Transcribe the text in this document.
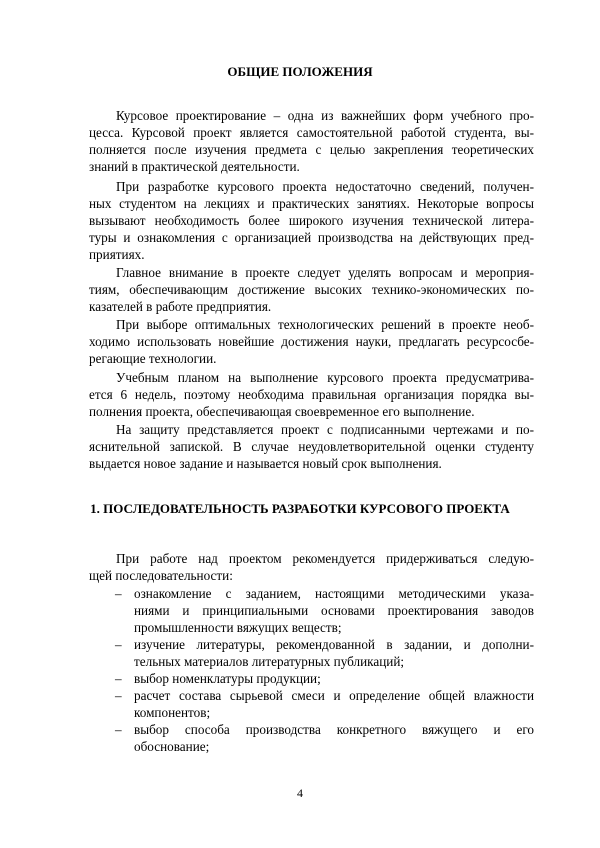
ОБЩИЕ ПОЛОЖЕНИЯ
Курсовое проектирование – одна из важнейших форм учебного про-
цесса. Курсовой проект является самостоятельной работой студента, вы-
полняется после изучения предмета с целью закрепления теоретических
знаний в практической деятельности.
При разработке курсового проекта недостаточно сведений, получен-
ных студентом на лекциях и практических занятиях. Некоторые вопросы
вызывают необходимость более широкого изучения технической литера-
туры и ознакомления с организацией производства на действующих пред-
приятиях.
Главное внимание в проекте следует уделять вопросам и мероприя-
тиям, обеспечивающим достижение высоких технико-экономических по-
казателей в работе предприятия.
При выборе оптимальных технологических решений в проекте необ-
ходимо использовать новейшие достижения науки, предлагать ресурсосбе-
регающие технологии.
Учебным планом на выполнение курсового проекта предусматрива-
ется 6 недель, поэтому необходима правильная организация порядка вы-
полнения проекта, обеспечивающая своевременное его выполнение.
На защиту представляется проект с подписанными чертежами и по-
яснительной запиской. В случае неудовлетворительной оценки студенту
выдается новое задание и называется новый срок выполнения.
1. ПОСЛЕДОВАТЕЛЬНОСТЬ РАЗРАБОТКИ КУРСОВОГО ПРОЕКТА
При работе над проектом рекомендуется придерживаться следую-
щей последовательности:
– ознакомление с заданием, настоящими методическими указа-
ниями и принципиальными основами проектирования заводов
промышленности вяжущих веществ;
– изучение литературы, рекомендованной в задании, и дополни-
тельных материалов литературных публикаций;
– выбор номенклатуры продукции;
– расчет состава сырьевой смеси и определение общей влажности
компонентов;
– выбор способа производства конкретного вяжущего и его
обоснование;
4
